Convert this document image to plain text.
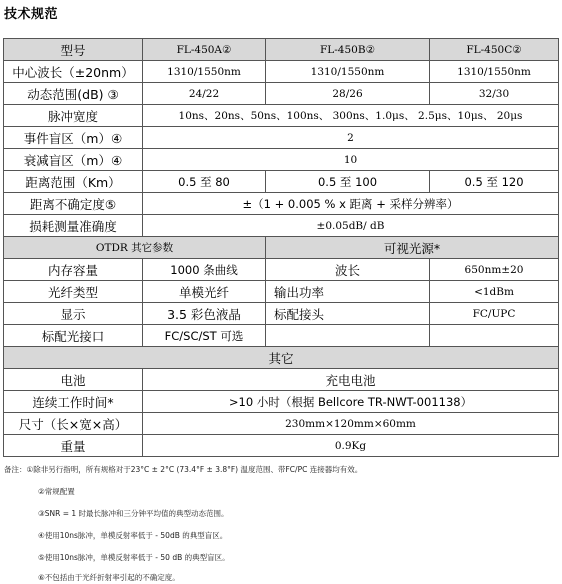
技术规范
型号	FL-450A②	FL-450B②	FL-450C②
中心波长（±20nm）	1310/1550nm	1310/1550nm	1310/1550nm
动态范围(dB) ③	24/22	28/26	32/30
脉冲宽度	10ns、20ns、50ns、100ns、 300ns、1.0μs、 2.5μs、10μs、 20μs		
事件盲区（m）④	2		
衰减盲区（m）④	10		
距离范围（Km）	0.5 至 80	0.5 至 100	0.5 至 120
距离不确定度⑤	±（1 + 0.005 % x 距离 + 采样分辨率）		
损耗测量准确度	±0.05dB/ dB		
OTDR 其它参数		可视光源*	
内存容量	1000 条曲线	波长	650nm±20
光纤类型	单模光纤	输出功率	<1dBm
显示	3.5 彩色液晶	标配接头	FC/UPC
标配光接口	FC/SC/ST 可选		
其它			
电池	充电电池		
连续工作时间*	>10 小时（根据 Bellcore TR-NWT-001138）		
尺寸（长×宽×高）	230mm×120mm×60mm		
重量	0.9Kg		
备注：①除非另行指明，所有规格对于23°C ± 2°C (73.4°F ± 3.8°F) 温度范围、带FC/PC 连接器均有效。
②常规配置
③SNR = 1 时最长脉冲和三分钟平均值的典型动态范围。
④使用10ns脉冲，单模反射率低于 - 50dB 的典型盲区。
⑤使用10ns脉冲，单模反射率低于 - 50 dB 的典型盲区。
⑥不包括由于光纤折射率引起的不确定度。
